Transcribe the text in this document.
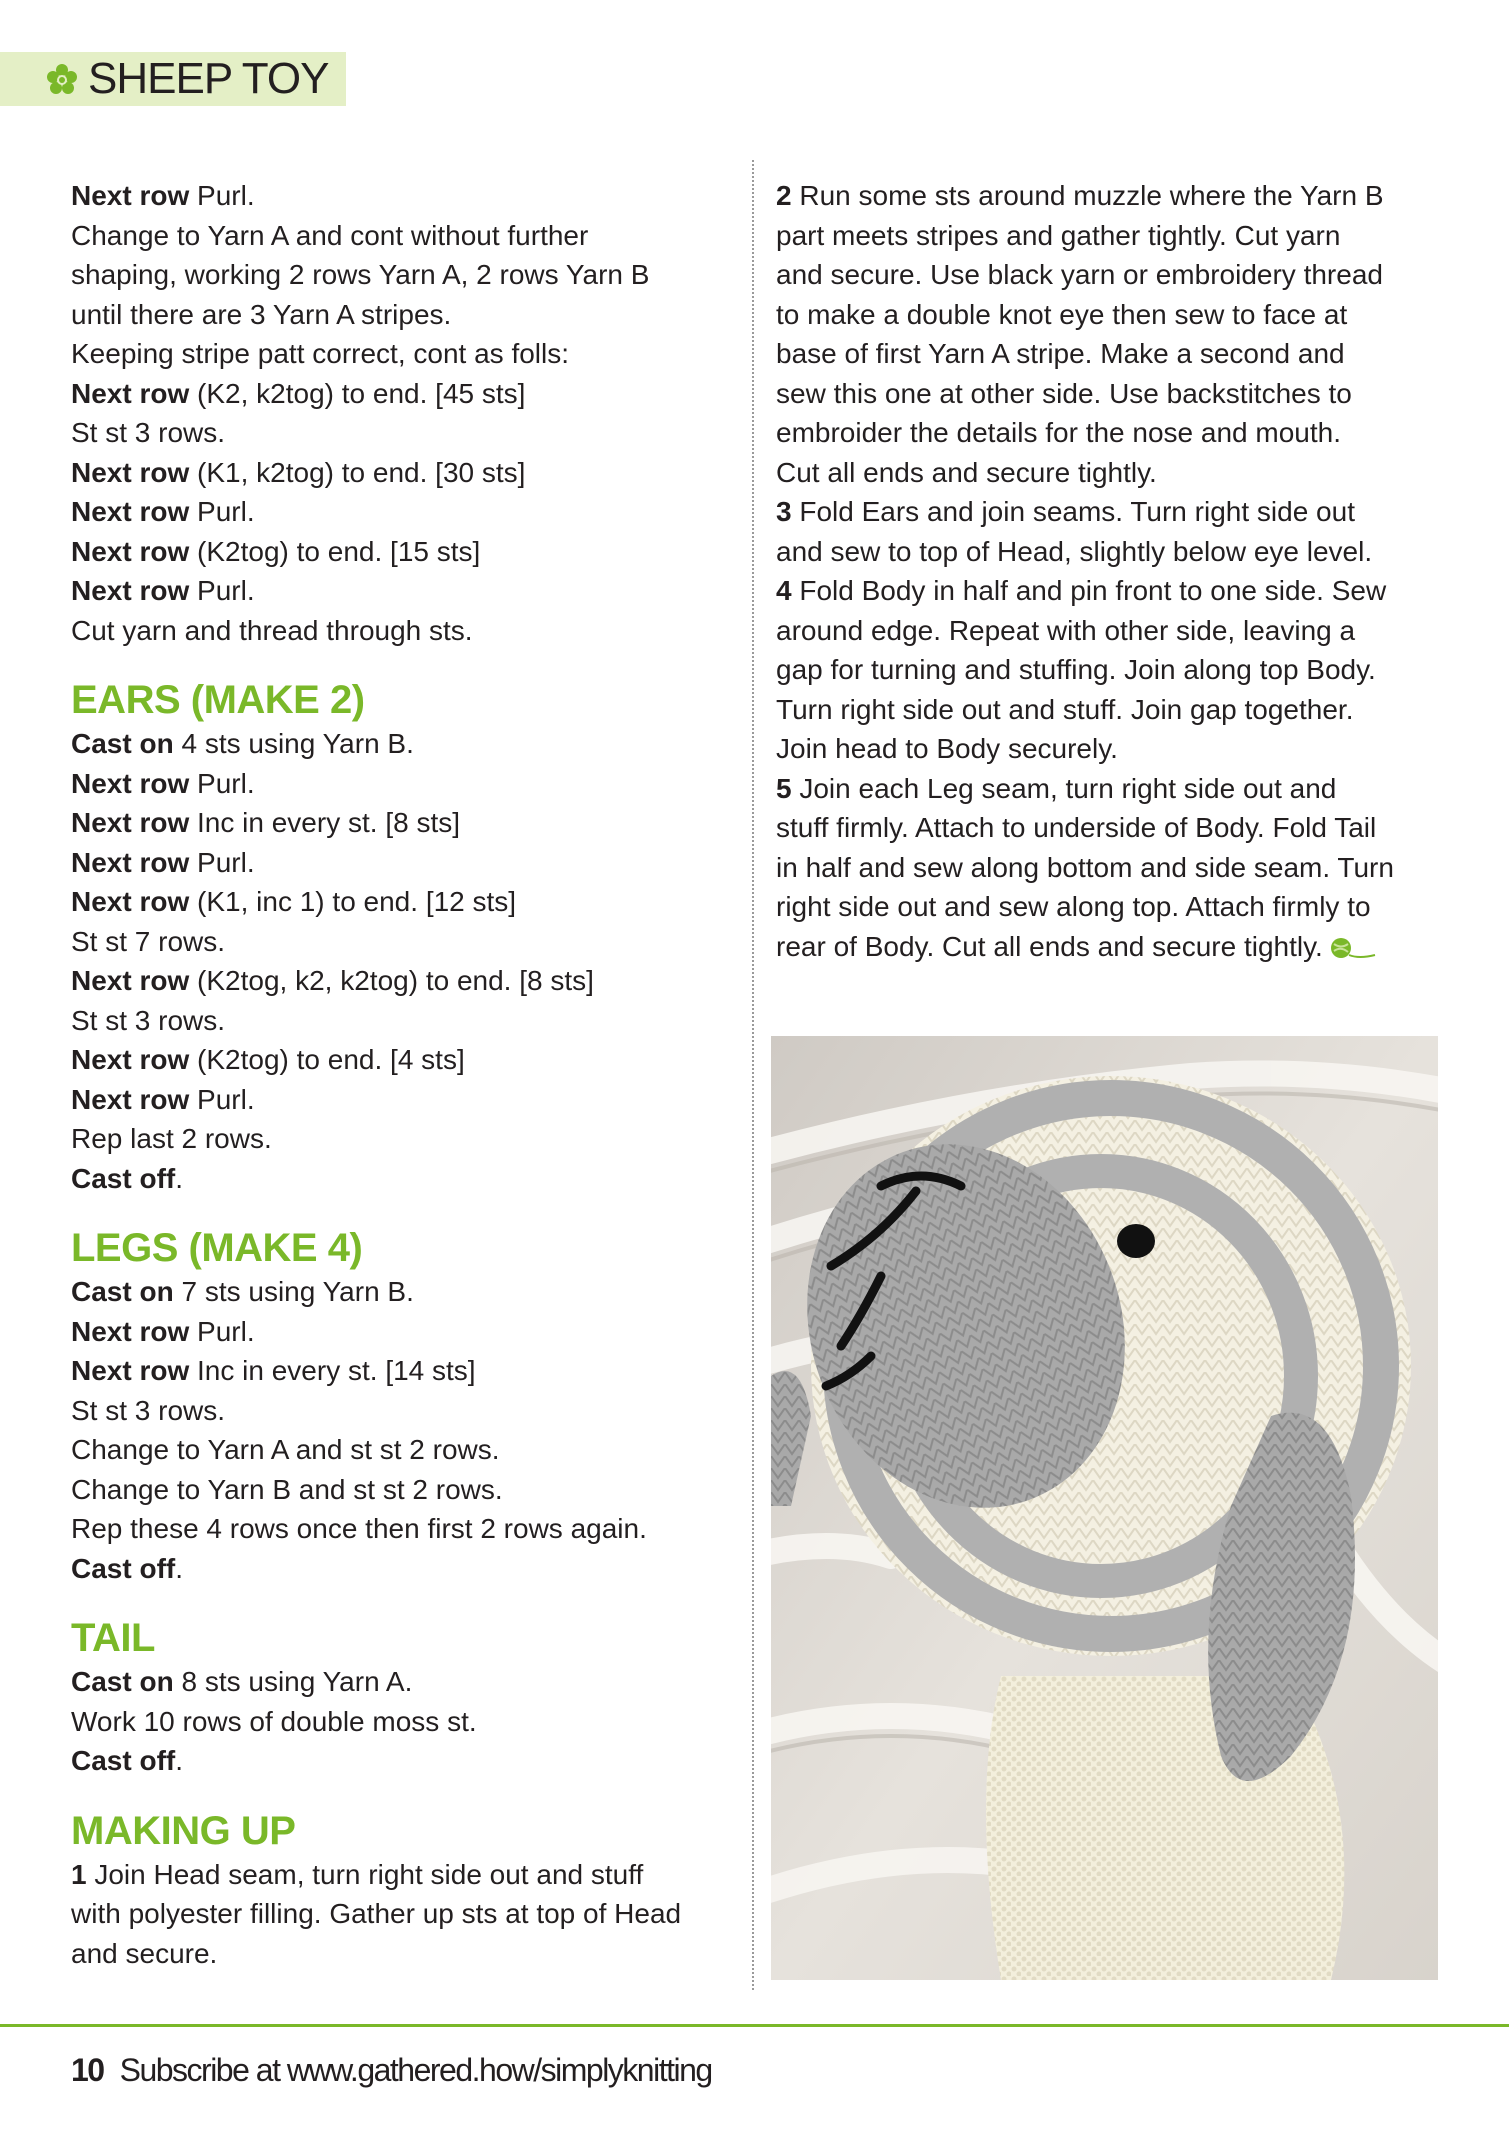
SHEEP TOY
Next row Purl.
Change to Yarn A and cont without further
shaping, working 2 rows Yarn A, 2 rows Yarn B
until there are 3 Yarn A stripes.
Keeping stripe patt correct, cont as folls:
Next row (K2, k2tog) to end. [45 sts]
St st 3 rows.
Next row (K1, k2tog) to end. [30 sts]
Next row Purl.
Next row (K2tog) to end. [15 sts]
Next row Purl.
Cut yarn and thread through sts.
EARS (MAKE 2)
Cast on 4 sts using Yarn B.
Next row Purl.
Next row Inc in every st. [8 sts]
Next row Purl.
Next row (K1, inc 1) to end. [12 sts]
St st 7 rows.
Next row (K2tog, k2, k2tog) to end. [8 sts]
St st 3 rows.
Next row (K2tog) to end. [4 sts]
Next row Purl.
Rep last 2 rows.
Cast off.
LEGS (MAKE 4)
Cast on 7 sts using Yarn B.
Next row Purl.
Next row Inc in every st. [14 sts]
St st 3 rows.
Change to Yarn A and st st 2 rows.
Change to Yarn B and st st 2 rows.
Rep these 4 rows once then first 2 rows again.
Cast off.
TAIL
Cast on 8 sts using Yarn A.
Work 10 rows of double moss st.
Cast off.
MAKING UP
1 Join Head seam, turn right side out and stuff
with polyester filling. Gather up sts at top of Head
and secure.
2 Run some sts around muzzle where the Yarn B
part meets stripes and gather tightly. Cut yarn
and secure. Use black yarn or embroidery thread
to make a double knot eye then sew to face at
base of first Yarn A stripe. Make a second and
sew this one at other side. Use backstitches to
embroider the details for the nose and mouth.
Cut all ends and secure tightly.
3 Fold Ears and join seams. Turn right side out
and sew to top of Head, slightly below eye level.
4 Fold Body in half and pin front to one side. Sew
around edge. Repeat with other side, leaving a
gap for turning and stuffing. Join along top Body.
Turn right side out and stuff. Join gap together.
Join head to Body securely.
5 Join each Leg seam, turn right side out and
stuff firmly. Attach to underside of Body. Fold Tail
in half and sew along bottom and side seam. Turn
right side out and sew along top. Attach firmly to
rear of Body. Cut all ends and secure tightly.
10 Subscribe at www.gathered.how/simplyknitting
